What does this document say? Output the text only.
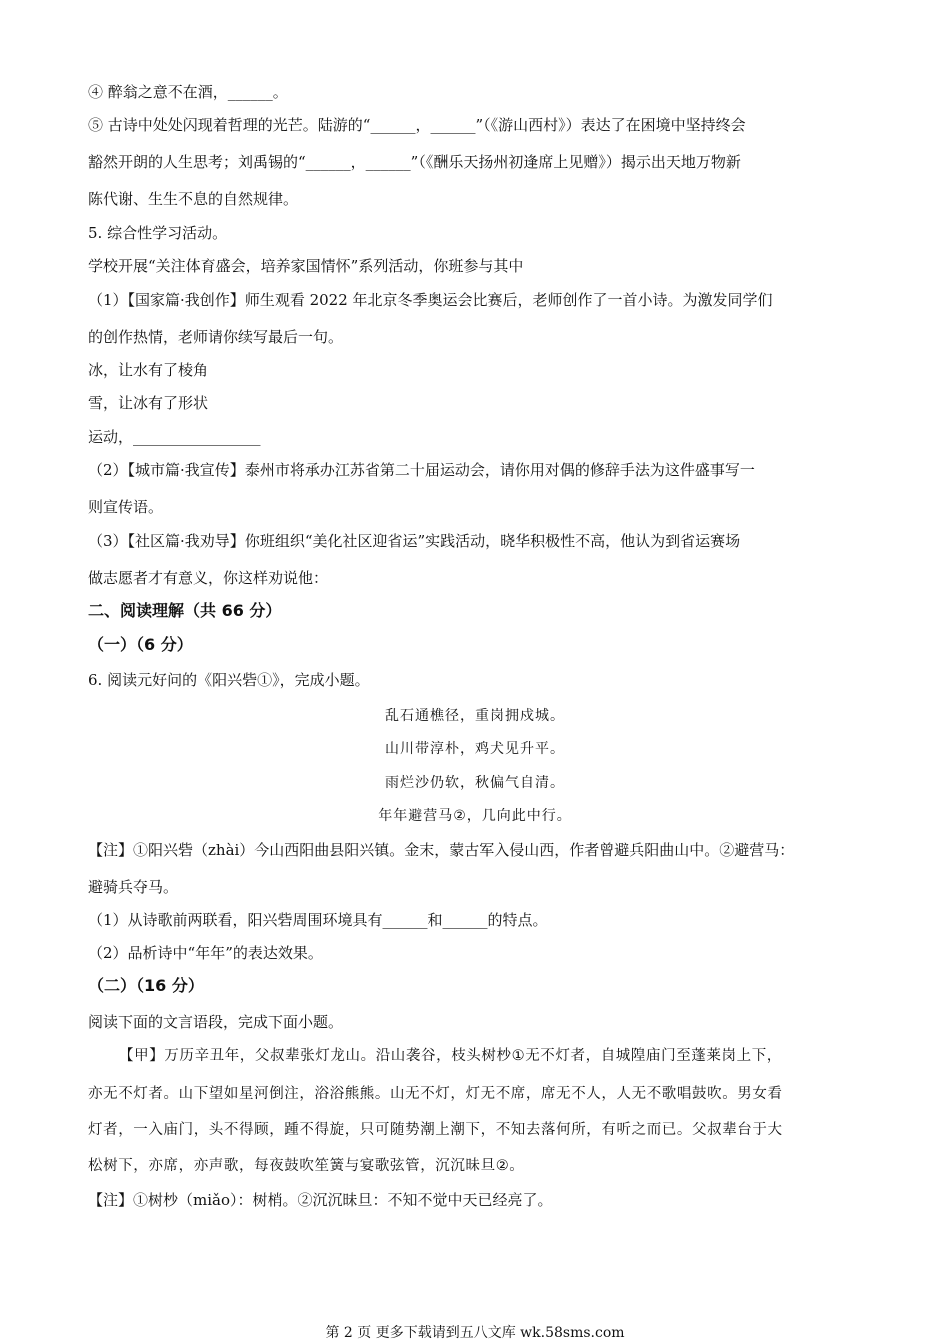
④ 醉翁之意不在酒，______。
⑤ 古诗中处处闪现着哲理的光芒。陆游的“______，______”（《游山西村》）表达了在困境中坚持终会
豁然开朗的人生思考；刘禹锡的“______，______”（《酬乐天扬州初逢席上见赠》）揭示出天地万物新
陈代谢、生生不息的自然规律。
5. 综合性学习活动。
学校开展“关注体育盛会，培养家国情怀”系列活动，你班参与其中
（1）【国家篇·我创作】师生观看 2022 年北京冬季奥运会比赛后，老师创作了一首小诗。为激发同学们
的创作热情，老师请你续写最后一句。
冰，让水有了棱角
雪，让冰有了形状
运动，_________________
（2）【城市篇·我宣传】泰州市将承办江苏省第二十届运动会，请你用对偶的修辞手法为这件盛事写一
则宣传语。
（3）【社区篇·我劝导】你班组织“美化社区迎省运”实践活动，晓华积极性不高，他认为到省运赛场
做志愿者才有意义，你这样劝说他：
二、阅读理解（共 66 分）
（一）（6 分）
6. 阅读元好问的《阳兴砦①》，完成小题。
乱石通樵径，重岗拥戍城。
山川带淳朴，鸡犬见升平。
雨烂沙仍软，秋偏气自清。
年年避营马②，几向此中行。
【注】①阳兴砦（zhài）今山西阳曲县阳兴镇。金末，蒙古军入侵山西，作者曾避兵阳曲山中。②避营马：
避骑兵夺马。
（1）从诗歌前两联看，阳兴砦周围环境具有______和______的特点。
（2）品析诗中“年年”的表达效果。
（二）（16 分）
阅读下面的文言语段，完成下面小题。
【甲】万历辛丑年，父叔辈张灯龙山。沿山袭谷，枝头树杪①无不灯者，自城隍庙门至蓬莱岗上下，
亦无不灯者。山下望如星河倒注，浴浴熊熊。山无不灯，灯无不席，席无不人，人无不歌唱鼓吹。男女看
灯者，一入庙门，头不得顾，踵不得旋，只可随势潮上潮下，不知去落何所，有听之而已。父叔辈台于大
松树下，亦席，亦声歌，每夜鼓吹笙簧与宴歌弦管，沉沉昧旦②。
【注】①树杪（miǎo）：树梢。②沉沉昧旦：不知不觉中天已经亮了。
第 2 页 更多下载请到五八文库 wk.58sms.com
